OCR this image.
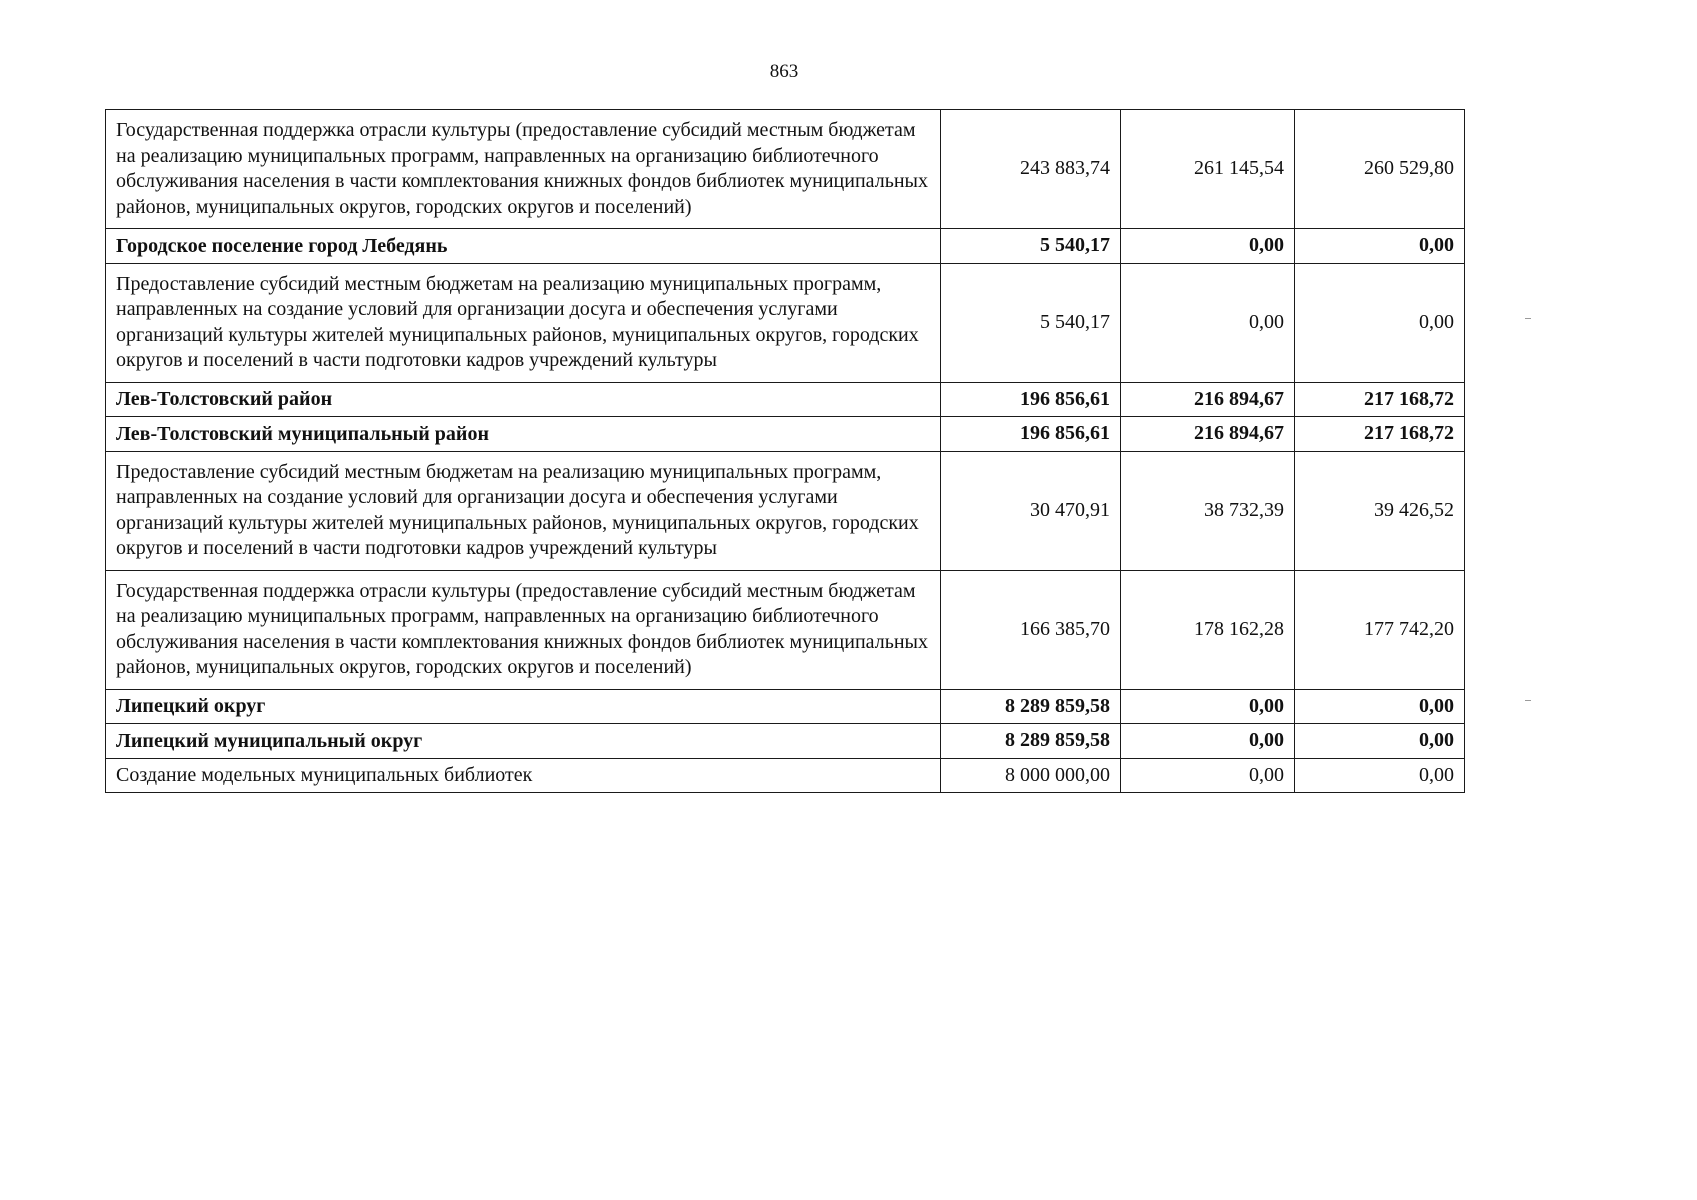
863
Государственная поддержка отрасли культуры (предоставление субсидий местным бюджетам на реализацию муниципальных программ, направленных на организацию библиотечного обслуживания населения в части комплектования книжных фондов библиотек муниципальных районов, муниципальных округов, городских округов и поселений)	243 883,74	261 145,54	260 529,80
Городское поселение город Лебедянь	5 540,17	0,00	0,00
Предоставление субсидий местным бюджетам на реализацию муниципальных программ, направленных на создание условий для организации досуга и обеспечения услугами организаций культуры жителей муниципальных районов, муниципальных округов, городских округов и поселений в части подготовки кадров учреждений культуры	5 540,17	0,00	0,00
Лев-Толстовский район	196 856,61	216 894,67	217 168,72
Лев-Толстовский муниципальный район	196 856,61	216 894,67	217 168,72
Предоставление субсидий местным бюджетам на реализацию муниципальных программ, направленных на создание условий для организации досуга и обеспечения услугами организаций культуры жителей муниципальных районов, муниципальных округов, городских округов и поселений в части подготовки кадров учреждений культуры	30 470,91	38 732,39	39 426,52
Государственная поддержка отрасли культуры (предоставление субсидий местным бюджетам на реализацию муниципальных программ, направленных на организацию библиотечного обслуживания населения в части комплектования книжных фондов библиотек муниципальных районов, муниципальных округов, городских округов и поселений)	166 385,70	178 162,28	177 742,20
Липецкий округ	8 289 859,58	0,00	0,00
Липецкий муниципальный округ	8 289 859,58	0,00	0,00
Создание модельных муниципальных библиотек	8 000 000,00	0,00	0,00
